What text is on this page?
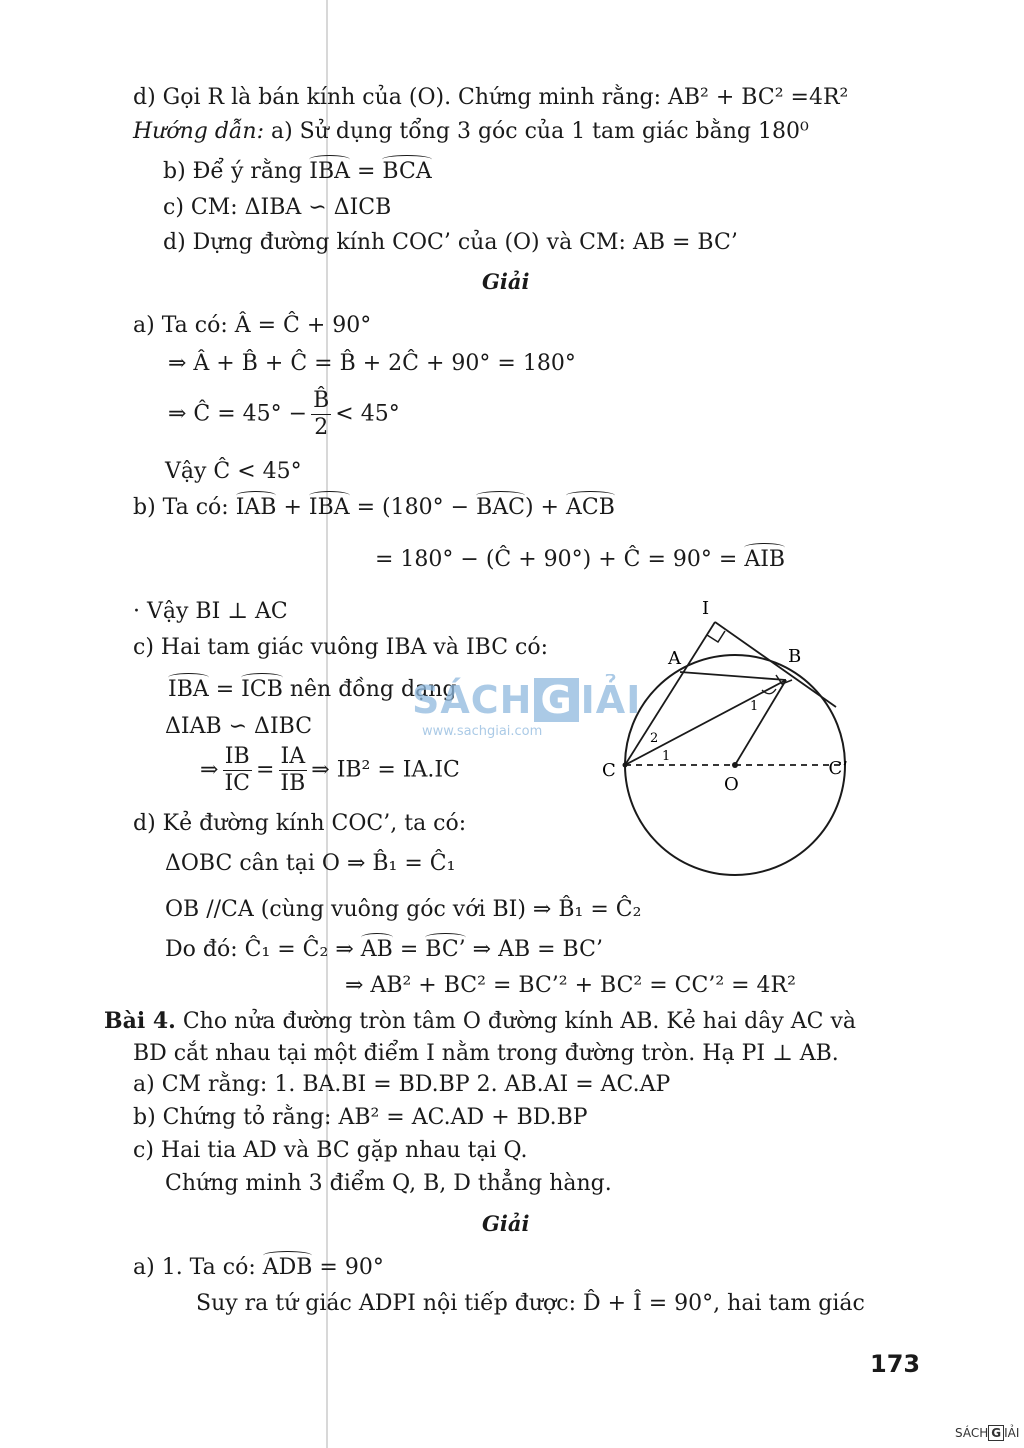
d) Gọi R là bán kính của (O). Chứng minh rằng: AB² + BC² =4R²
Hướng dẫn: a) Sử dụng tổng 3 góc của 1 tam giác bằng 180⁰
b) Để ý rằng IBA = BCA
c) CM: ΔIBA ∽ ΔICB
d) Dựng đường kính COC’ của (O) và CM: AB = BC’
Giải
a) Ta có: Â = Ĉ + 90°
⇒ Â + B̂ + Ĉ = B̂ + 2Ĉ + 90° = 180°
⇒ Ĉ = $45^\circ - \frac{B̂}{2} < 45^\circ$
Vậy Ĉ < 45°
b) Ta có: IAB + IBA = (180° − BAC) + ACB
= 180° − (Ĉ + 90°) + Ĉ = 90° = AIB
· Vậy BI ⊥ AC
c) Hai tam giác vuông IBA và IBC có:
IBA = ICB nên đồng dạng
ΔIAB ∽ ΔIBC
⇒ $\frac{IB}{IC} = \frac{IA}{IB}$ ⇒ IB² = IA.IC
d) Kẻ đường kính COC’, ta có:
ΔOBC cân tại O ⇒ B̂₁ = Ĉ₁
OB //CA (cùng vuông góc với BI) ⇒ B̂₁ = Ĉ₂
Do đó: Ĉ₁ = Ĉ₂ ⇒ AB = BC’ ⇒ AB = BC’
⇒ AB² + BC² = BC’² + BC² = CC’² = 4R²
Bài 4. Cho nửa đường tròn tâm O đường kính AB. Kẻ hai dây AC và
BD cắt nhau tại một điểm I nằm trong đường tròn. Hạ PI ⊥ AB.
a) CM rằng: 1. BA.BI = BD.BP 2. AB.AI = AC.AP
b) Chứng tỏ rằng: AB² = AC.AD + BD.BP
c) Hai tia AD và BC gặp nhau tại Q.
Chứng minh 3 điểm Q, B, D thẳng hàng.
Giải
a) 1. Ta có: ADB = 90°
Suy ra tứ giác ADPI nội tiếp được: D̂ + Î = 90°, hai tam giác
I
A	B
C	C’
O
1
1
2
SÁCH G IẢI
www.sachgiai.com
173
SÁCH G IẢI
